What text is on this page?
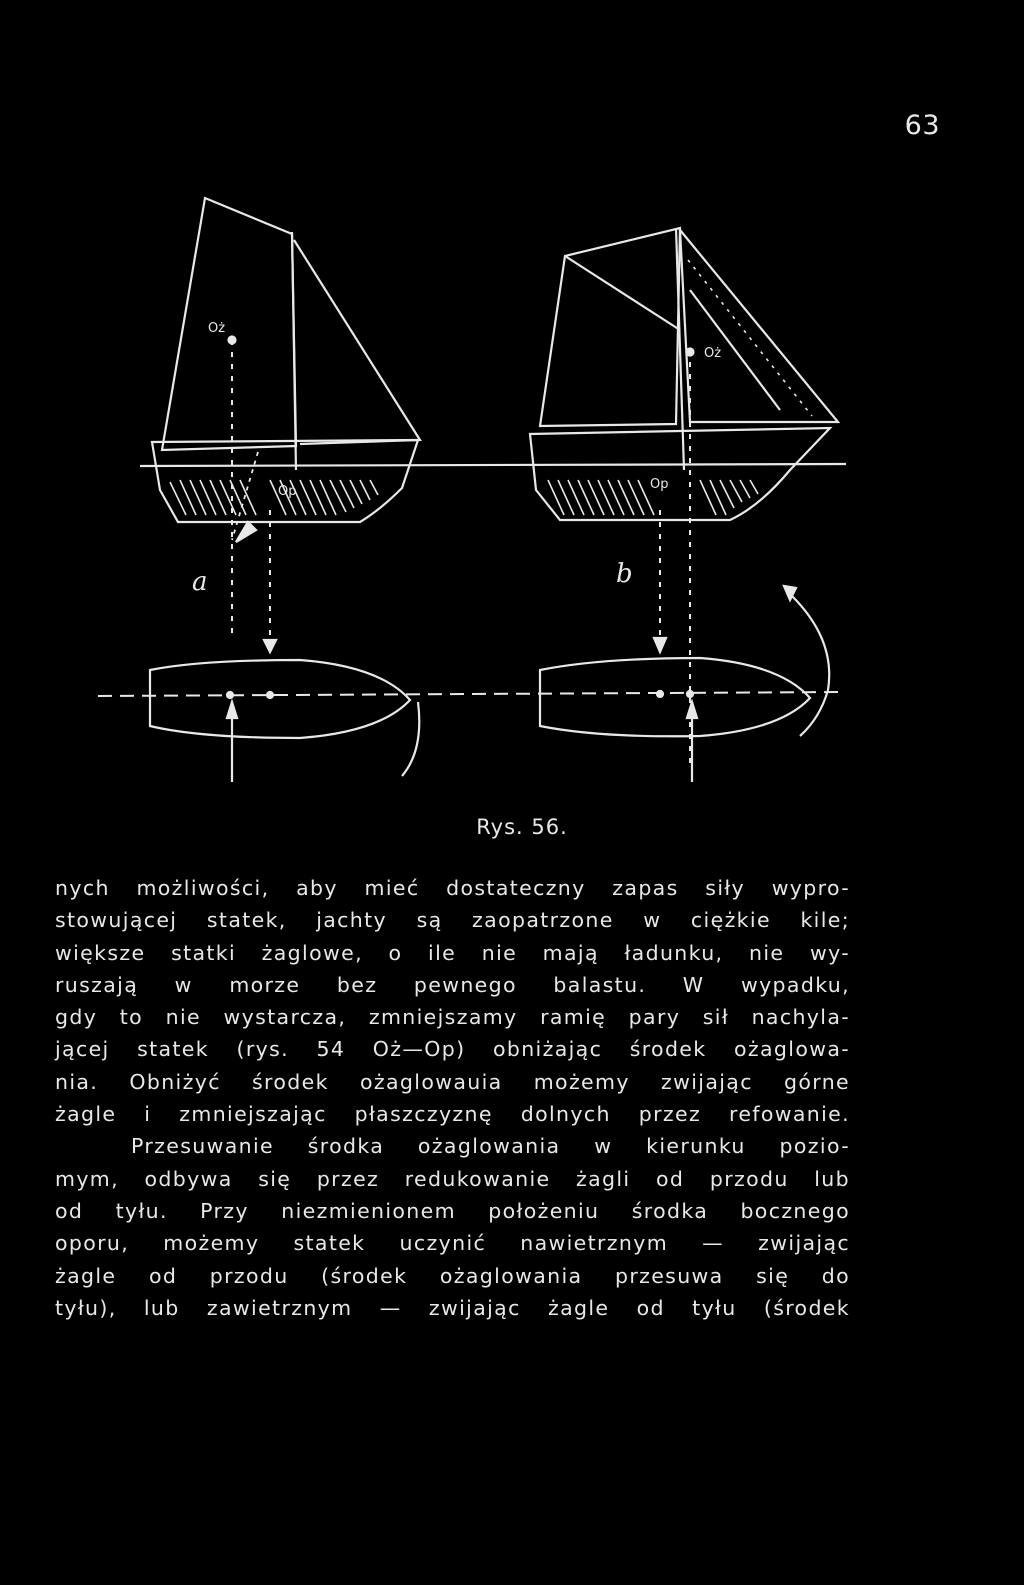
63
Oż
Op
a
Oż
Op
b
Rys. 56.
nych możliwości, aby mieć dostateczny zapas siły wypro-
stowującej statek, jachty są zaopatrzone w ciężkie kile;
większe statki żaglowe, o ile nie mają ładunku, nie wy-
ruszają w morze bez pewnego balastu. W wypadku,
gdy to nie wystarcza, zmniejszamy ramię pary sił nachyla-
jącej statek (rys. 54 Oż—Op) obniżając środek ożaglowa-
nia. Obniżyć środek ożaglowauia możemy zwijając górne
żagle i zmniejszając płaszczyznę dolnych przez refowanie.
Przesuwanie środka ożaglowania w kierunku pozio-
mym, odbywa się przez redukowanie żagli od przodu lub
od tyłu. Przy niezmienionem położeniu środka bocznego
oporu, możemy statek uczynić nawietrznym — zwijając
żagle od przodu (środek ożaglowania przesuwa się do
tyłu), lub zawietrznym — zwijając żagle od tyłu (środek
